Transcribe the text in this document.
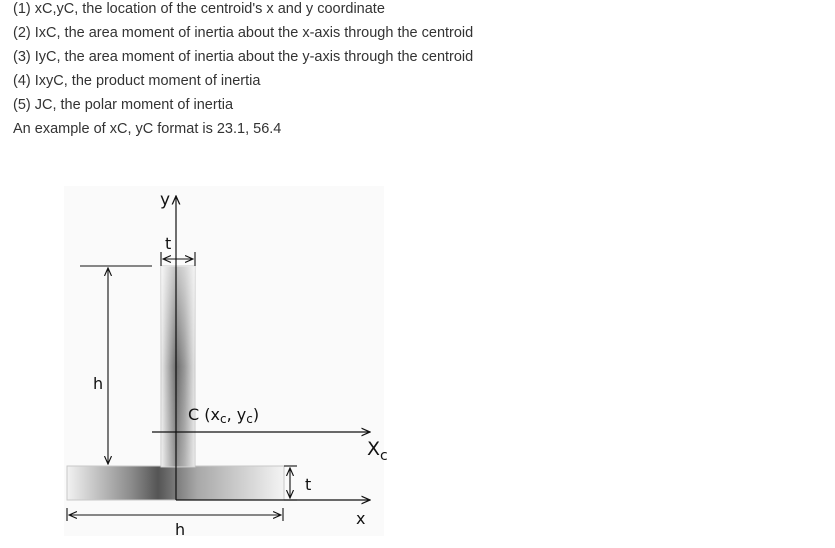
(1) xC,yC, the location of the centroid's x and y coordinate
(2) IxC, the area moment of inertia about the x-axis through the centroid
(3) IyC, the area moment of inertia about the y-axis through the centroid
(4) IxyC, the product moment of inertia
(5) JC, the polar moment of inertia
An example of xC, yC format is 23.1, 56.4
y
t
h
h
t
x
$X_c$
C (xc, yc)
